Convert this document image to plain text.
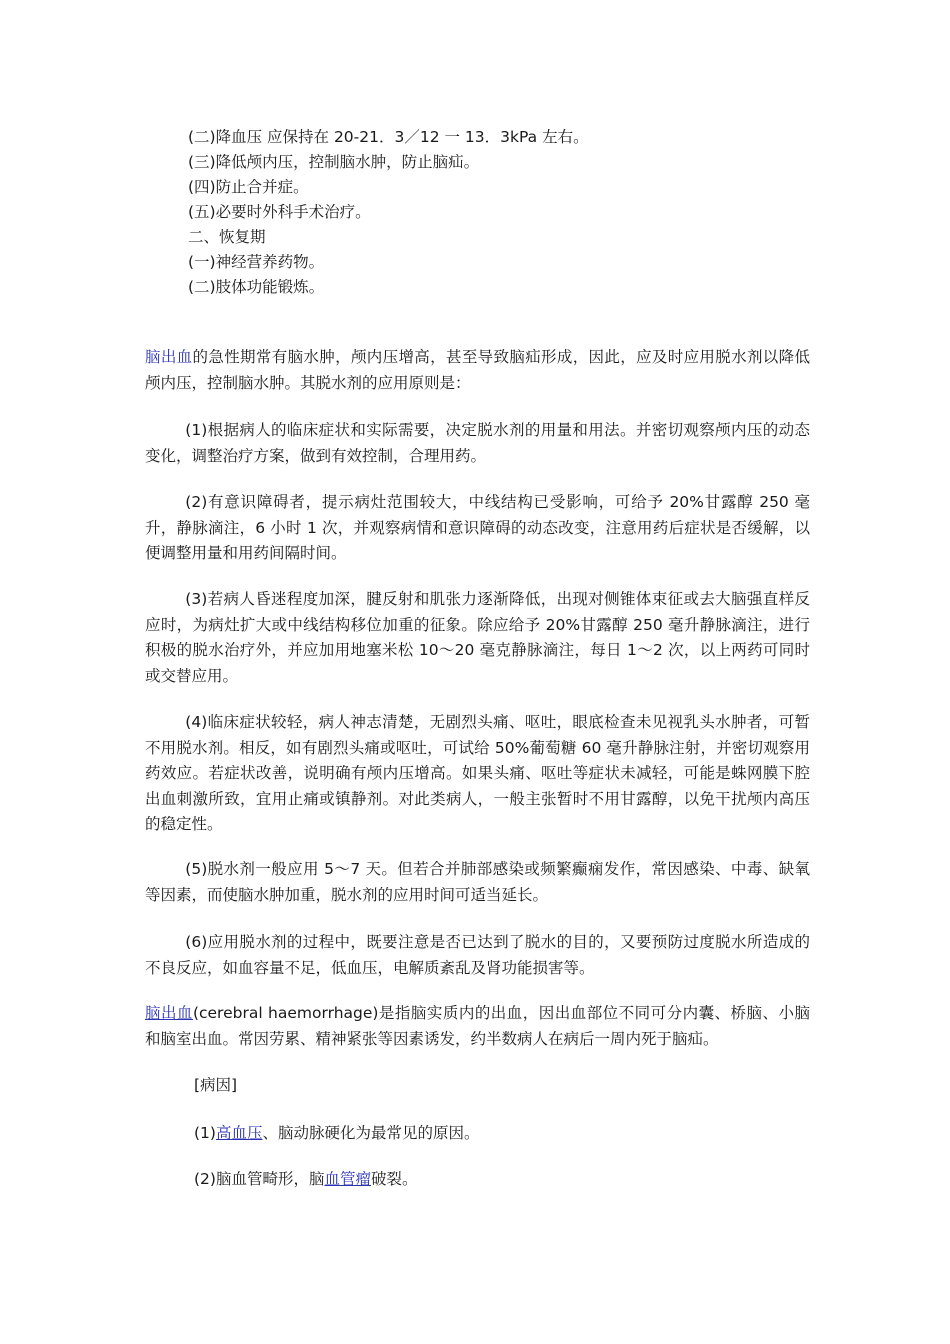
(二)降血压 应保持在 20-21．3／12 一 13．3kPa 左右。
(三)降低颅内压，控制脑水肿，防止脑疝。
(四)防止合并症。
(五)必要时外科手术治疗。
二、恢复期
(一)神经营养药物。
(二)肢体功能锻炼。
脑出血的急性期常有脑水肿，颅内压增高，甚至导致脑疝形成，因此，应及时应用脱水剂以降低颅内压，控制脑水肿。其脱水剂的应用原则是：
(1)根据病人的临床症状和实际需要，决定脱水剂的用量和用法。并密切观察颅内压的动态变化，调整治疗方案，做到有效控制，合理用药。
(2)有意识障碍者，提示病灶范围较大，中线结构已受影响，可给予 20%甘露醇 250 毫升，静脉滴注，6 小时 1 次，并观察病情和意识障碍的动态改变，注意用药后症状是否缓解，以便调整用量和用药间隔时间。
(3)若病人昏迷程度加深，腱反射和肌张力逐渐降低，出现对侧锥体束征或去大脑强直样反应时，为病灶扩大或中线结构移位加重的征象。除应给予 20%甘露醇 250 毫升静脉滴注，进行积极的脱水治疗外，并应加用地塞米松 10～20 毫克静脉滴注，每日 1～2 次，以上两药可同时或交替应用。
(4)临床症状较轻，病人神志清楚，无剧烈头痛、呕吐，眼底检查未见视乳头水肿者，可暂不用脱水剂。相反，如有剧烈头痛或呕吐，可试给 50%葡萄糖 60 毫升静脉注射，并密切观察用药效应。若症状改善，说明确有颅内压增高。如果头痛、呕吐等症状未减轻，可能是蛛网膜下腔出血刺激所致，宜用止痛或镇静剂。对此类病人，一般主张暂时不用甘露醇，以免干扰颅内高压的稳定性。
(5)脱水剂一般应用 5～7 天。但若合并肺部感染或频繁癫痫发作，常因感染、中毒、缺氧等因素，而使脑水肿加重，脱水剂的应用时间可适当延长。
(6)应用脱水剂的过程中，既要注意是否已达到了脱水的目的，又要预防过度脱水所造成的不良反应，如血容量不足，低血压，电解质紊乱及肾功能损害等。
脑出血(cerebral haemorrhage)是指脑实质内的出血，因出血部位不同可分内囊、桥脑、小脑和脑室出血。常因劳累、精神紧张等因素诱发，约半数病人在病后一周内死于脑疝。
[病因]
(1)高血压、脑动脉硬化为最常见的原因。
(2)脑血管畸形，脑血管瘤破裂。
